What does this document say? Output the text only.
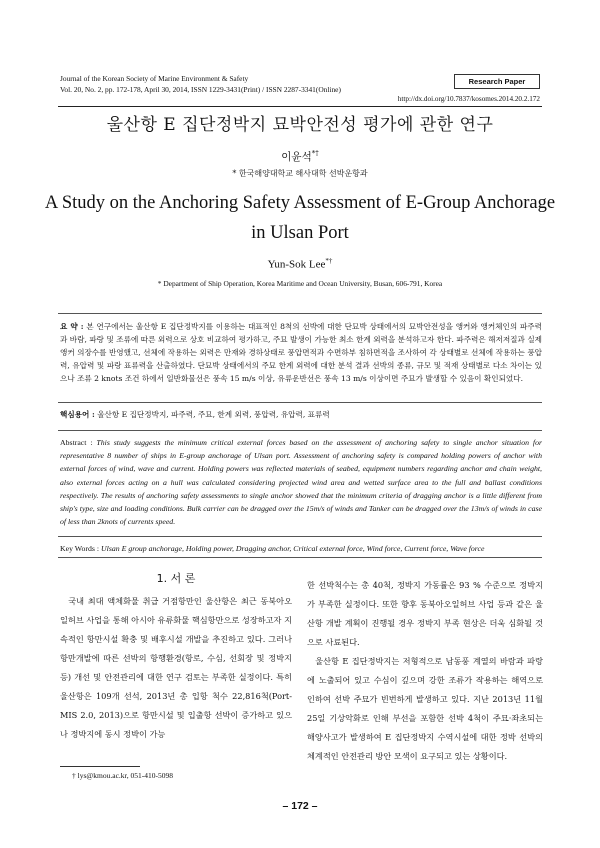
Journal of the Korean Society of Marine Environment & Safety
Vol. 20, No. 2, pp. 172-178, April 30, 2014, ISSN 1229-3431(Print) / ISSN 2287-3341(Online)
Research Paper
http://dx.doi.org/10.7837/kosomes.2014.20.2.172
울산항 E 집단정박지 묘박안전성 평가에 관한 연구
이윤석*†
* 한국해양대학교 해사대학 선박운항과
A Study on the Anchoring Safety Assessment of E-Group Anchorage in Ulsan Port
Yun-Sok Lee*†
* Department of Ship Operation, Korea Maritime and Ocean University, Busan, 606-791, Korea
요 약 : 본 연구에서는 울산항 E 집단정박지를 이용하는 대표적인 8척의 선박에 대한 단묘박 상태에서의 묘박안전성을 앵커와 앵커체인의 파주력과 바람, 파랑 및 조류에 따른 외력으로 상호 비교하여 평가하고, 주묘 발생이 가능한 최소 한계 외력을 분석하고자 한다. 파주력은 해저저질과 실제 앵커 의장수를 반영했고, 선체에 작용하는 외력은 만재와 경하상태로 풍압면적과 수면하부 침하면적을 조사하여 각 상태별로 선체에 작용하는 풍압력, 유압력 및 파랑 표류력을 산출하였다. 단묘박 상태에서의 주묘 한계 외력에 대한 분석 결과 선박의 종류, 규모 및 적재 상태별로 다소 차이는 있으나 조류 2 knots 조건 하에서 일반화물선은 풍속 15 m/s 이상, 유류운반선은 풍속 13 m/s 이상이면 주묘가 발생할 수 있음이 확인되었다.
핵심용어 : 울산항 E 집단정박지, 파주력, 주묘, 한계 외력, 풍압력, 유압력, 표류력
Abstract : This study suggests the minimum critical external forces based on the assessment of anchoring safety to single anchor situation for representative 8 number of ships in E-group anchorage of Ulsan port. Assessment of anchoring safety is compared holding powers of anchor with external forces of wind, wave and current. Holding powers was reflected materials of seabed, equipment numbers regarding anchor and chain weight, also external forces acting on a hull was calculated considering projected wind area and wetted surface area to the full and ballast conditions respectively. The results of anchoring safety assessments to single anchor showed that the minimum criteria of dragging anchor is a little different from ship's type, size and loading conditions. Bulk carrier can be dragged over the 15m/s of winds and Tanker can be dragged over the 13m/s of winds in case of less than 2knots of currents speed.
Key Words : Ulsan E group anchorage, Holding power, Dragging anchor, Critical external force, Wind force, Current force, Wave force
1. 서 론

국내 최대 액체화물 취급 거점항만인 울산항은 최근 동북아오일허브 사업을 통해 아시아 유류화물 핵심항만으로 성장하고자 지속적인 항만시설 확충 및 배후시설 개발을 추진하고 있다. 그러나 항만개발에 따른 선박의 항행환경(항로, 수심, 선회장 및 정박지 등) 개선 및 안전관리에 대한 연구 검토는 부족한 실정이다. 특히 울산항은 109개 선석, 2013년 총 입항 척수 22,816척(Port-MIS 2.0, 2013)으로 항만시설 및 입출항 선박이 증가하고 있으나 정박지에 동시 정박이 가능

한 선박척수는 총 40척, 정박지 가동률은 93 % 수준으로 정박지가 부족한 실정이다. 또한 향후 동북아오일허브 사업 등과 같은 울산항 개발 계획이 진행될 경우 정박지 부족 현상은 더욱 심화될 것으로 사료된다.

울산항 E 집단정박지는 저형적으로 남동풍 계열의 바람과 파랑에 노출되어 있고 수심이 깊으며 강한 조류가 작용하는 해역으로 인하여 선박 주묘가 빈번하게 발생하고 있다. 지난 2013년 11월 25일 기상악화로 인해 부선을 포함한 선박 4척이 주묘·좌초되는 해양사고가 발생하여 E 집단정박지 수역시설에 대한 정박 선박의 체계적인 안전관리 방안 모색이 요구되고 있는 상황이다.

† lys@kmou.ac.kr, 051-410-5098
– 172 –
